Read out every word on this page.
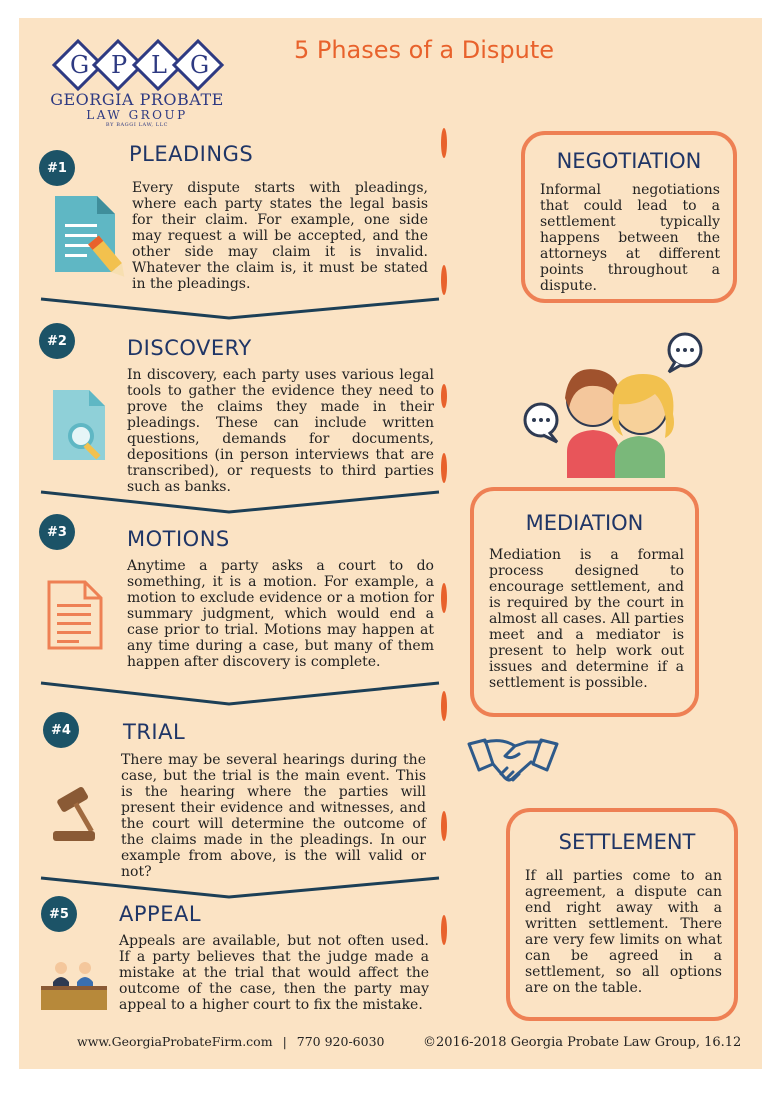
G P L G
GEORGIA PROBATE
LAW GROUP
BY BAGGI LAW, LLC
5 Phases of a Dispute
#1
PLEADINGS
Every dispute starts with pleadings, where each party states the legal basis for their claim. For example, one side may request a will be accepted, and the other side may claim it is invalid. Whatever the claim is, it must be stated in the pleadings.
#2	DISCOVERY
In discovery, each party uses various legal tools to gather the evidence they need to prove the claims they made in their pleadings. These can include written questions, demands for documents, depositions (in person interviews that are transcribed), or requests to third parties such as banks.
#3	MOTIONS
Anytime a party asks a court to do something, it is a motion. For example, a motion to exclude evidence or a motion for summary judgment, which would end a case prior to trial. Motions may happen at any time during a case, but many of them happen after discovery is complete.
#4	TRIAL
There may be several hearings during the case, but the trial is the main event. This is the hearing where the parties will present their evidence and witnesses, and the court will determine the outcome of the claims made in the pleadings. In our example from above, is the will valid or not?
#5	APPEAL
Appeals are available, but not often used. If a party believes that the judge made a mistake at the trial that would affect the outcome of the case, then the party may appeal to a higher court to fix the mistake.
NEGOTIATION
Informal negotiations that could lead to a settlement typically happens between the attorneys at different points throughout a dispute.
MEDIATION
Mediation is a formal process designed to encourage settlement, and is required by the court in almost all cases. All parties meet and a mediator is present to help work out issues and determine if a settlement is possible.
SETTLEMENT
If all parties come to an agreement, a dispute can end right away with a written settlement. There are very few limits on what can be agreed in a settlement, so all options are on the table.
www.GeorgiaProbateFirm.com | 770 920-6030	©2016-2018 Georgia Probate Law Group, 16.12
